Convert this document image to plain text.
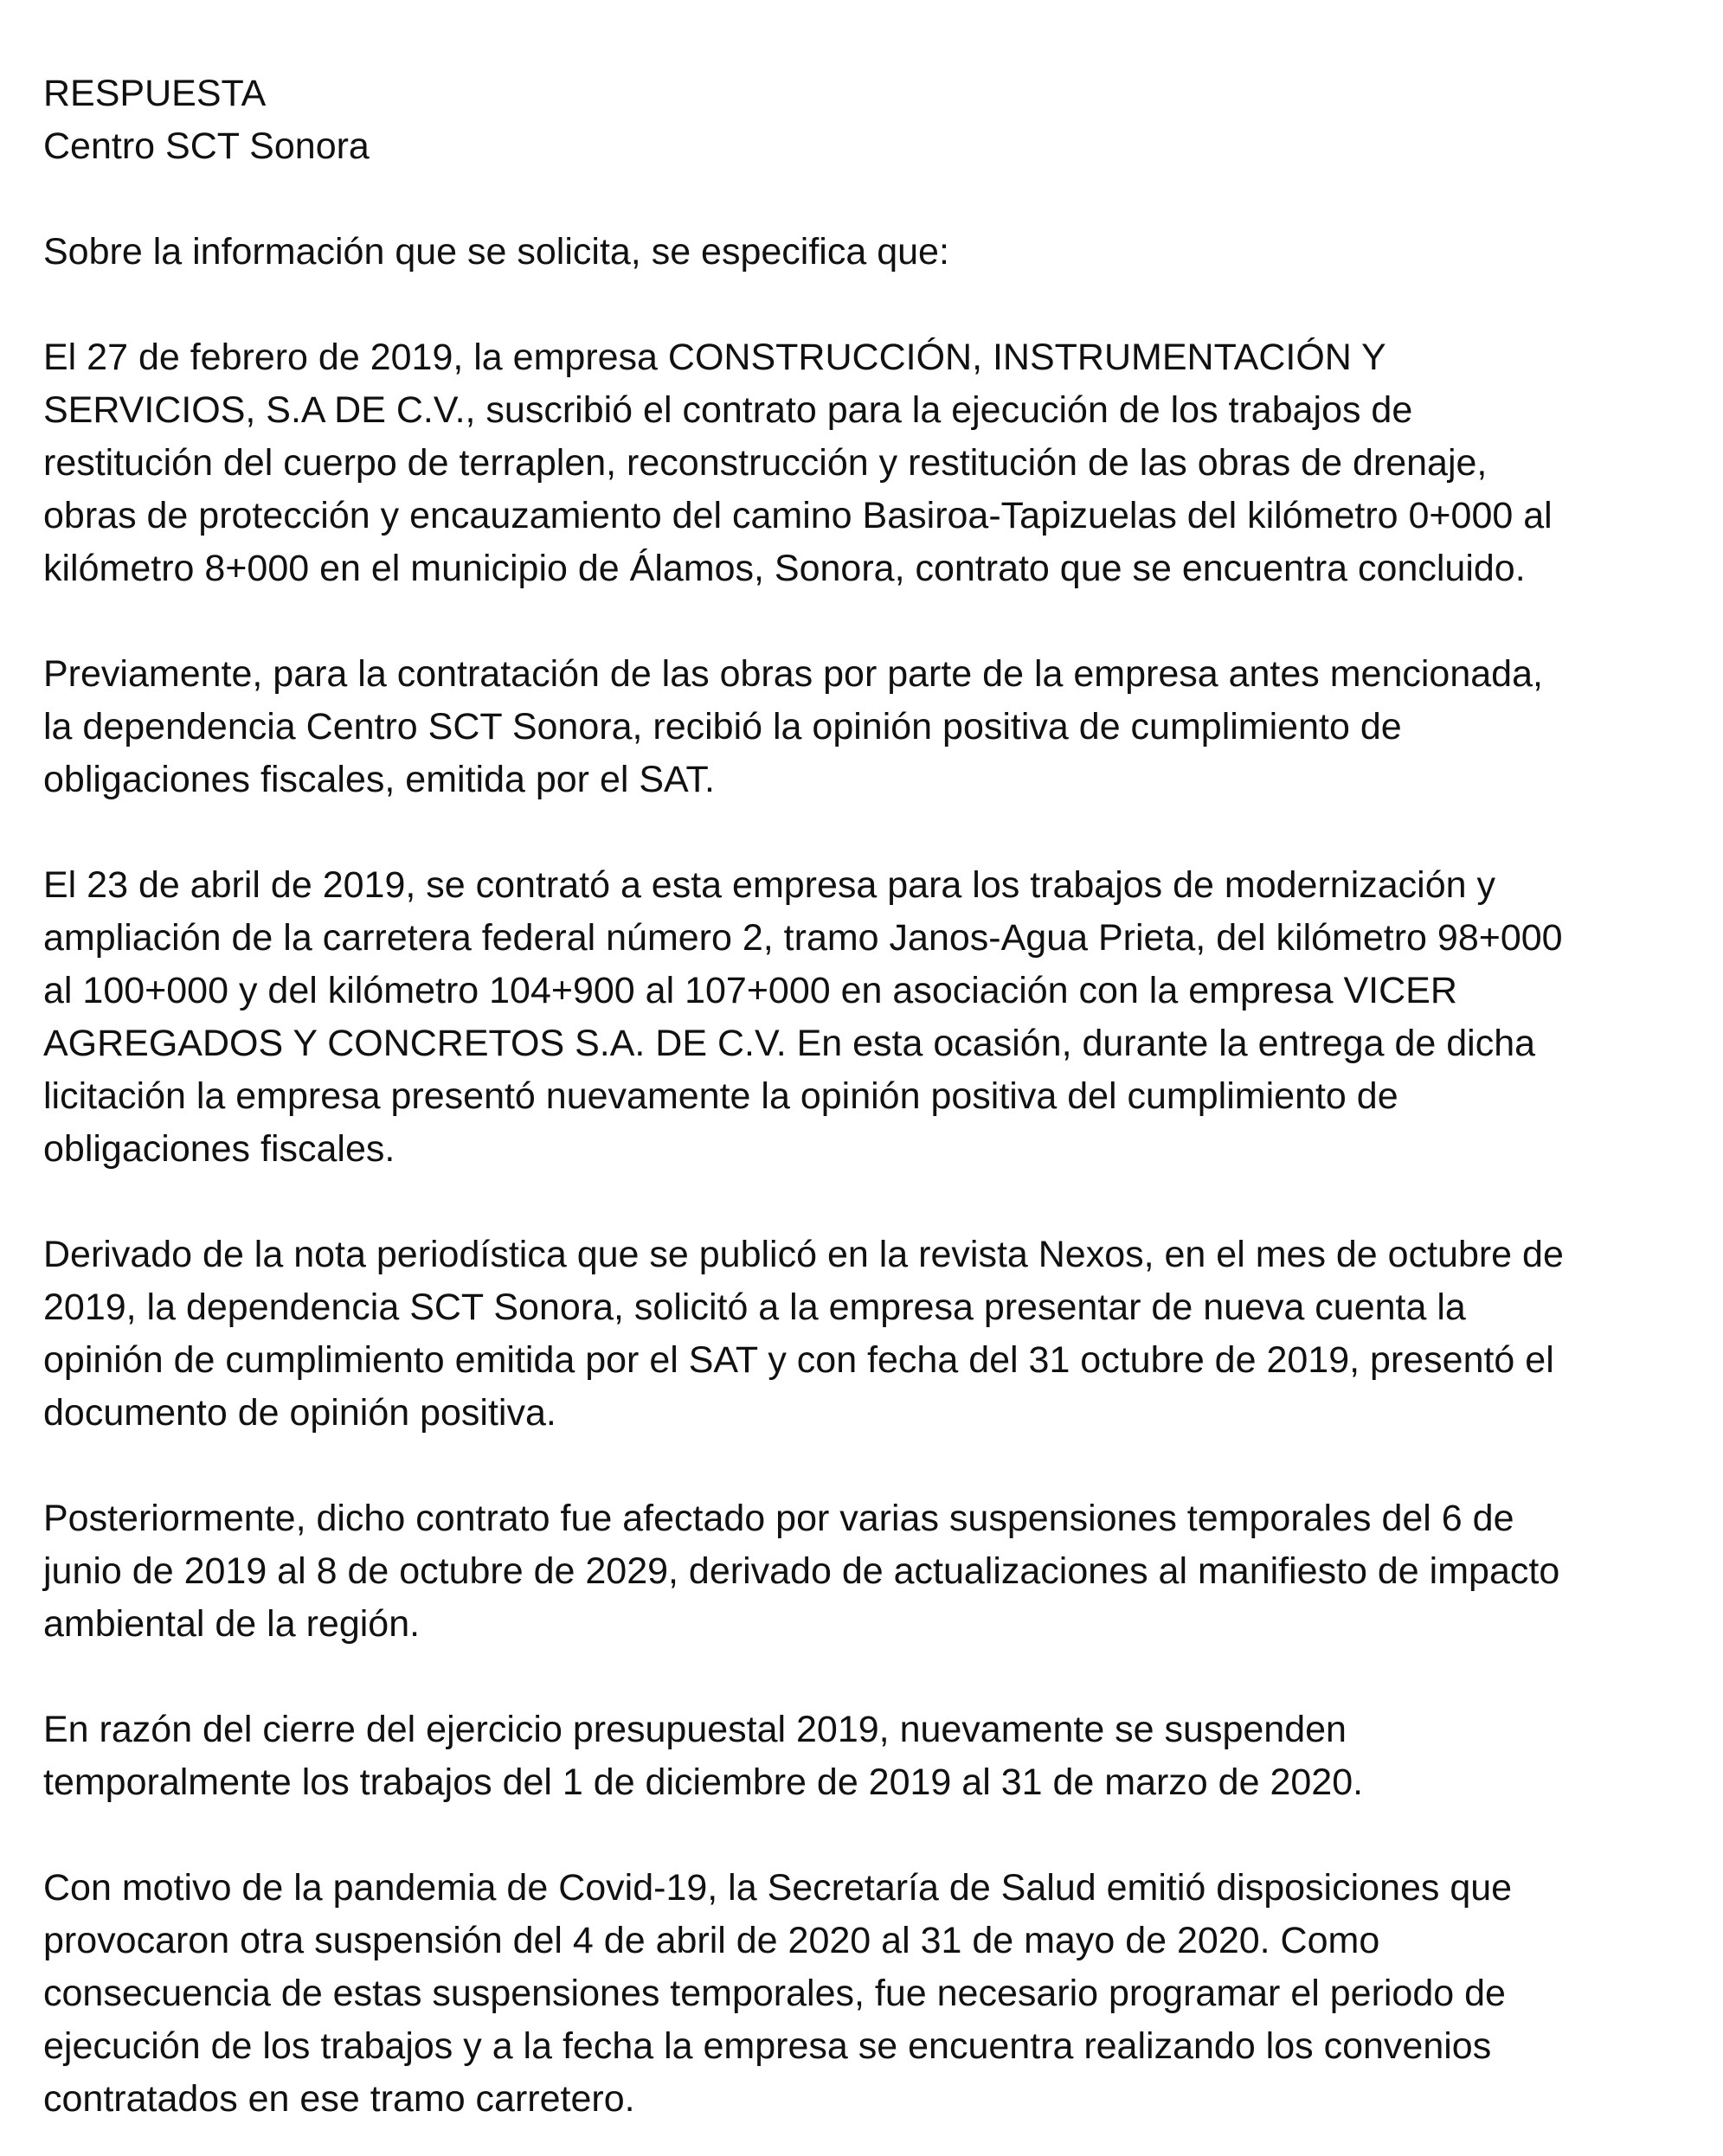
RESPUESTA
Centro SCT Sonora
Sobre la información que se solicita, se especifica que:
El 27 de febrero de 2019, la empresa CONSTRUCCIÓN, INSTRUMENTACIÓN Y
SERVICIOS, S.A DE C.V., suscribió el contrato para la ejecución de los trabajos de
restitución del cuerpo de terraplen, reconstrucción y restitución de las obras de drenaje,
obras de protección y encauzamiento del camino Basiroa-Tapizuelas del kilómetro 0+000 al
kilómetro 8+000 en el municipio de Álamos, Sonora, contrato que se encuentra concluido.
Previamente, para la contratación de las obras por parte de la empresa antes mencionada,
la dependencia Centro SCT Sonora, recibió la opinión positiva de cumplimiento de
obligaciones fiscales, emitida por el SAT.
El 23 de abril de 2019, se contrató a esta empresa para los trabajos de modernización y
ampliación de la carretera federal número 2, tramo Janos-Agua Prieta, del kilómetro 98+000
al 100+000 y del kilómetro 104+900 al 107+000 en asociación con la empresa VICER
AGREGADOS Y CONCRETOS S.A. DE C.V. En esta ocasión, durante la entrega de dicha
licitación la empresa presentó nuevamente la opinión positiva del cumplimiento de
obligaciones fiscales.
Derivado de la nota periodística que se publicó en la revista Nexos, en el mes de octubre de
2019, la dependencia SCT Sonora, solicitó a la empresa presentar de nueva cuenta la
opinión de cumplimiento emitida por el SAT y con fecha del 31 octubre de 2019, presentó el
documento de opinión positiva.
Posteriormente, dicho contrato fue afectado por varias suspensiones temporales del 6 de
junio de 2019 al 8 de octubre de 2029, derivado de actualizaciones al manifiesto de impacto
ambiental de la región.
En razón del cierre del ejercicio presupuestal 2019, nuevamente se suspenden
temporalmente los trabajos del 1 de diciembre de 2019 al 31 de marzo de 2020.
Con motivo de la pandemia de Covid-19, la Secretaría de Salud emitió disposiciones que
provocaron otra suspensión del 4 de abril de 2020 al 31 de mayo de 2020. Como
consecuencia de estas suspensiones temporales, fue necesario programar el periodo de
ejecución de los trabajos y a la fecha la empresa se encuentra realizando los convenios
contratados en ese tramo carretero.
